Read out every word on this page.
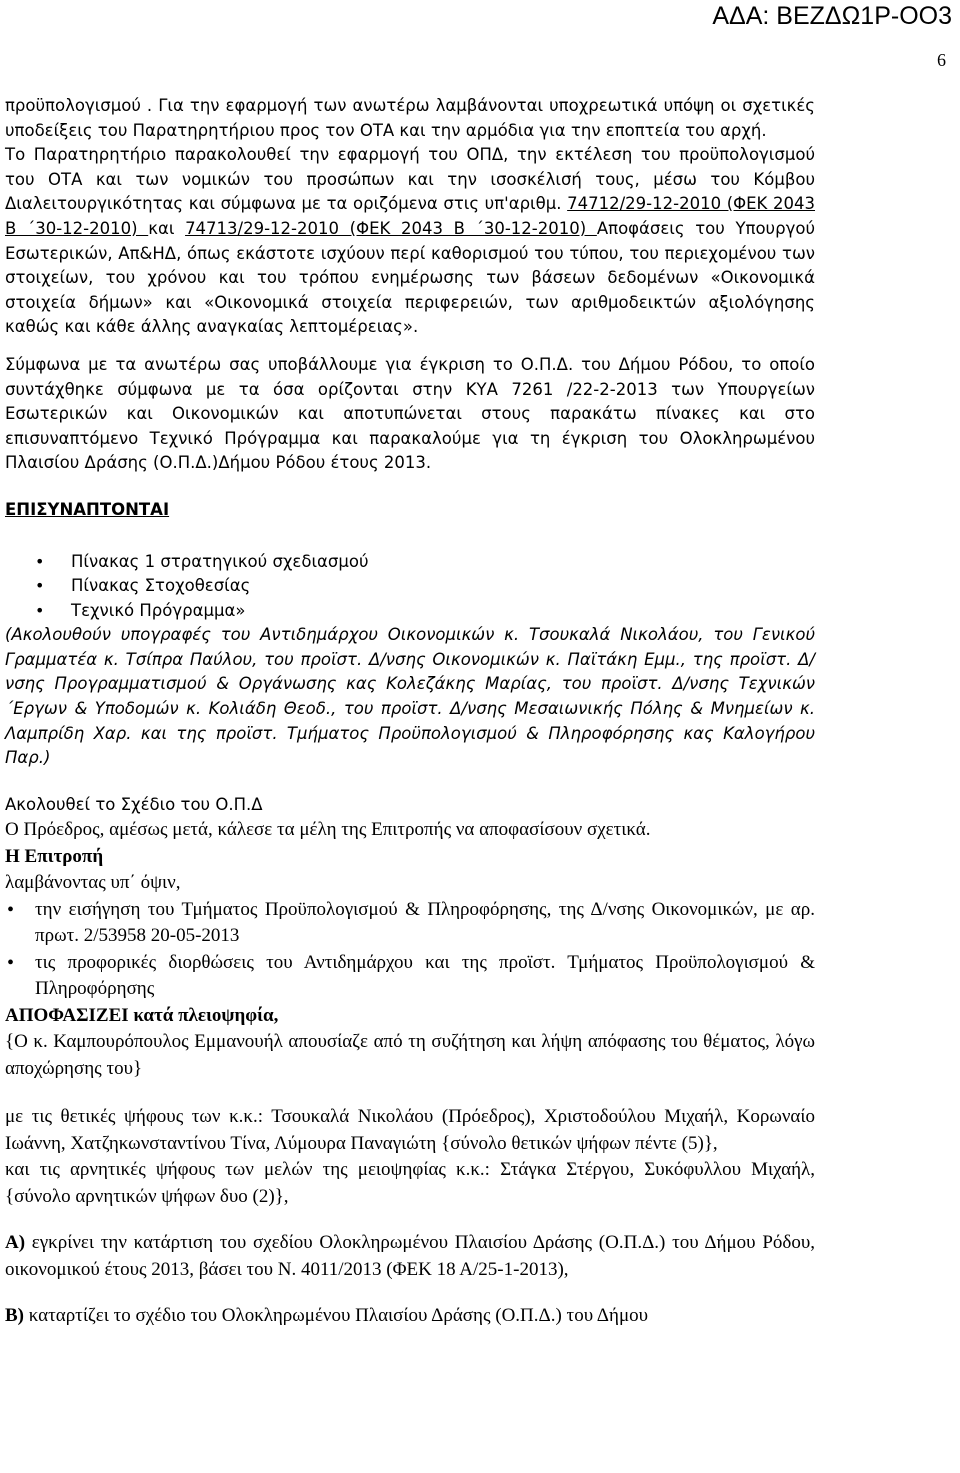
ΑΔΑ: ΒΕΖΔΩ1Ρ-ΟΟ3
6

προϋπολογισμού . Για την εφαρμογή των ανωτέρω λαμβάνονται υποχρεωτικά υπόψη οι σχετικές υποδείξεις του Παρατηρητήριου προς τον ΟΤΑ και την αρμόδια για την εποπτεία του αρχή.

Το Παρατηρητήριο παρακολουθεί την εφαρμογή του ΟΠΔ, την εκτέλεση του προϋπολογισμού του ΟΤΑ και των νομικών του προσώπων και την ισοσκέλισή τους, μέσω του Κόμβου Διαλειτουργικότητας και σύμφωνα με τα οριζόμενα στις υπ'αριθμ. 74712/29-12-2010 (ΦΕΚ 2043 Β ΄30-12-2010) και 74713/29-12-2010 (ΦΕΚ 2043 Β ΄30-12-2010) Αποφάσεις του Υπουργού Εσωτερικών, Απ&ΗΔ, όπως εκάστοτε ισχύουν περί καθορισμού του τύπου, του περιεχομένου των στοιχείων, του χρόνου και του τρόπου ενημέρωσης των βάσεων δεδομένων «Οικονομικά στοιχεία δήμων» και «Οικονομικά στοιχεία περιφερειών, των αριθμοδεικτών αξιολόγησης καθώς και κάθε άλλης αναγκαίας λεπτομέρειας».

Σύμφωνα με τα ανωτέρω σας υποβάλλουμε για έγκριση το Ο.Π.Δ. του Δήμου Ρόδου, το οποίο συντάχθηκε σύμφωνα με τα όσα ορίζονται στην ΚΥΑ 7261 /22-2-2013 των Υπουργείων Εσωτερικών και Οικονομικών και αποτυπώνεται στους παρακάτω πίνακες και στο επισυναπτόμενο Τεχνικό Πρόγραμμα και παρακαλούμε για τη έγκριση του Ολοκληρωμένου Πλαισίου Δράσης (Ο.Π.Δ.)Δήμου Ρόδου έτους 2013.

ΕΠΙΣΥΝΑΠΤΟΝΤΑΙ

• Πίνακας 1 στρατηγικού σχεδιασμού
• Πίνακας Στοχοθεσίας
• Τεχνικό Πρόγραμμα»

(Ακολουθούν υπογραφές του Αντιδημάρχου Οικονομικών κ. Τσουκαλά Νικολάου, του Γενικού Γραμματέα κ. Τσίπρα Παύλου, του προϊστ. Δ/νσης Οικονομικών κ. Παϊτάκη Εμμ., της προϊστ. Δ/νσης Προγραμματισμού & Οργάνωσης κας Κολεζάκης Μαρίας, του προϊστ. Δ/νσης Τεχνικών ΄Εργων & Υποδομών κ. Κολιάδη Θεοδ., του προϊστ. Δ/νσης Μεσαιωνικής Πόλης & Μνημείων κ. Λαμπρίδη Χαρ. και της προϊστ. Τμήματος Προϋπολογισμού & Πληροφόρησης κας Καλογήρου Παρ.)

Ακολουθεί το Σχέδιο του Ο.Π.Δ

Ο Πρόεδρος, αμέσως μετά, κάλεσε τα μέλη της Επιτροπής να αποφασίσουν σχετικά.

Η Επιτροπή

λαμβάνοντας υπ΄ όψιν,

• την εισήγηση του Τμήματος Προϋπολογισμού & Πληροφόρησης, της Δ/νσης Οικονομικών, με αρ. πρωτ. 2/53958 20-05-2013
• τις προφορικές διορθώσεις του Αντιδημάρχου και της προϊστ. Τμήματος Προϋπολογισμού & Πληροφόρησης

ΑΠΟΦΑΣΙΖΕΙ κατά πλειοψηφία,

{Ο κ. Καμπουρόπουλος Εμμανουήλ απουσίαζε από τη συζήτηση και λήψη απόφασης του θέματος, λόγω αποχώρησης του}

με τις θετικές ψήφους των κ.κ.: Τσουκαλά Νικολάου (Πρόεδρος), Χριστοδούλου Μιχαήλ, Κορωναίο Ιωάννη, Χατζηκωνσταντίνου Τίνα, Λύμουρα Παναγιώτη {σύνολο θετικών ψήφων πέντε (5)},

και τις αρνητικές ψήφους των μελών της μειοψηφίας κ.κ.: Στάγκα Στέργου, Συκόφυλλου Μιχαήλ, {σύνολο αρνητικών ψήφων δυο (2)},

Α) εγκρίνει την κατάρτιση του σχεδίου Ολοκληρωμένου Πλαισίου Δράσης (Ο.Π.Δ.) του Δήμου Ρόδου, οικονομικού έτους 2013, βάσει του Ν. 4011/2013 (ΦΕΚ 18 Α/25-1-2013),

Β) καταρτίζει το σχέδιο του Ολοκληρωμένου Πλαισίου Δράσης (Ο.Π.Δ.) του Δήμου
